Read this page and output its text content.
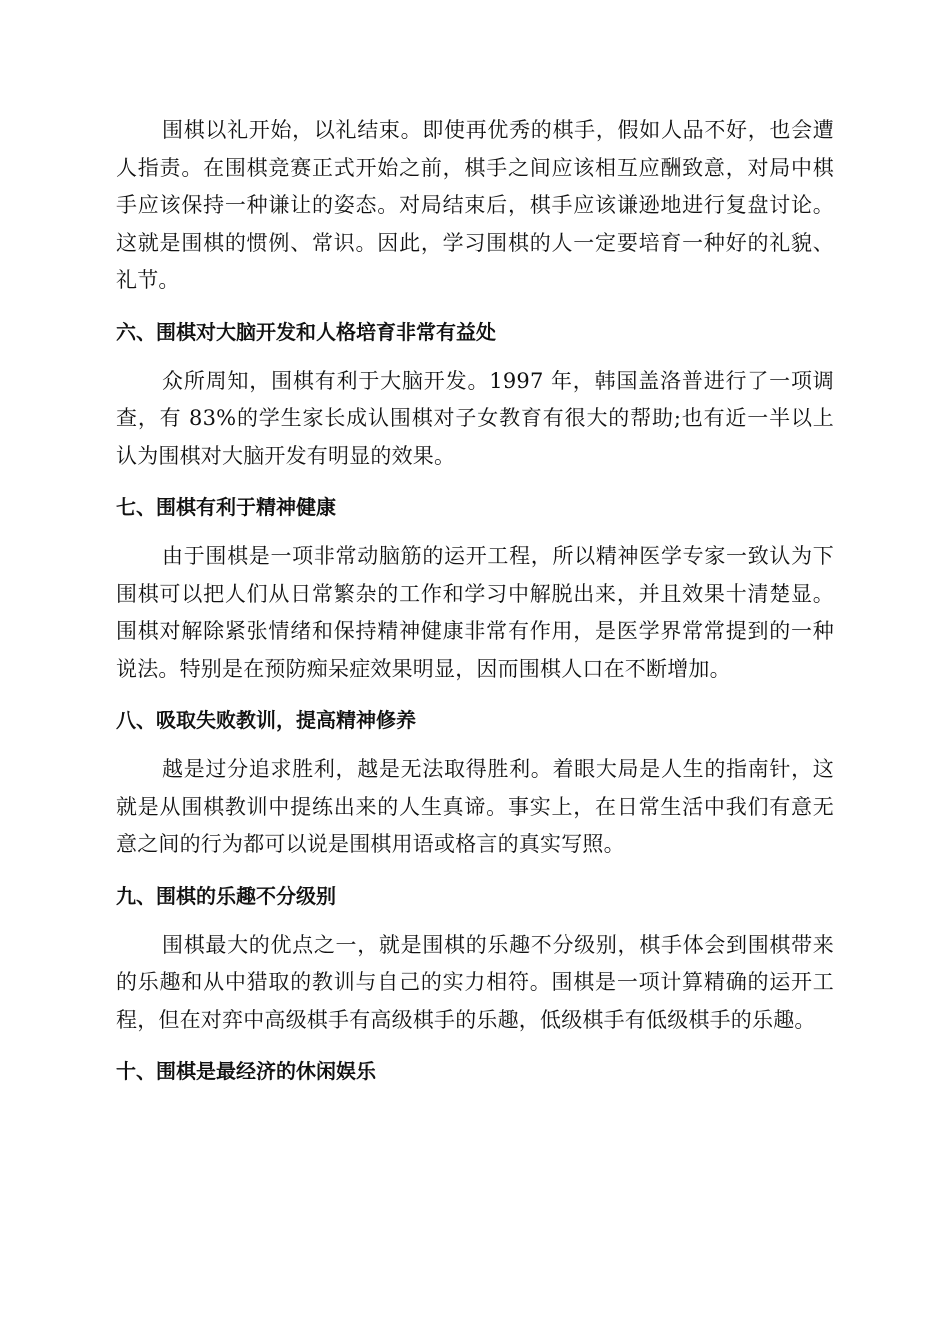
围棋以礼开始，以礼结束。即使再优秀的棋手，假如人品不好，也会遭人指责。在围棋竞赛正式开始之前，棋手之间应该相互应酬致意，对局中棋手应该保持一种谦让的姿态。对局结束后，棋手应该谦逊地进行复盘讨论。这就是围棋的惯例、常识。因此，学习围棋的人一定要培育一种好的礼貌、礼节。

六、围棋对大脑开发和人格培育非常有益处

众所周知，围棋有利于大脑开发。1997 年，韩国盖洛普进行了一项调查，有 83%的学生家长成认围棋对子女教育有很大的帮助;也有近一半以上认为围棋对大脑开发有明显的效果。

七、围棋有利于精神健康

由于围棋是一项非常动脑筋的运开工程，所以精神医学专家一致认为下围棋可以把人们从日常繁杂的工作和学习中解脱出来，并且效果十清楚显。围棋对解除紧张情绪和保持精神健康非常有作用，是医学界常常提到的一种说法。特别是在预防痴呆症效果明显，因而围棋人口在不断增加。

八、吸取失败教训，提高精神修养

越是过分追求胜利，越是无法取得胜利。着眼大局是人生的指南针，这就是从围棋教训中提练出来的人生真谛。事实上，在日常生活中我们有意无意之间的行为都可以说是围棋用语或格言的真实写照。

九、围棋的乐趣不分级别

围棋最大的优点之一，就是围棋的乐趣不分级别，棋手体会到围棋带来的乐趣和从中猎取的教训与自己的实力相符。围棋是一项计算精确的运开工程，但在对弈中高级棋手有高级棋手的乐趣，低级棋手有低级棋手的乐趣。

十、围棋是最经济的休闲娱乐
